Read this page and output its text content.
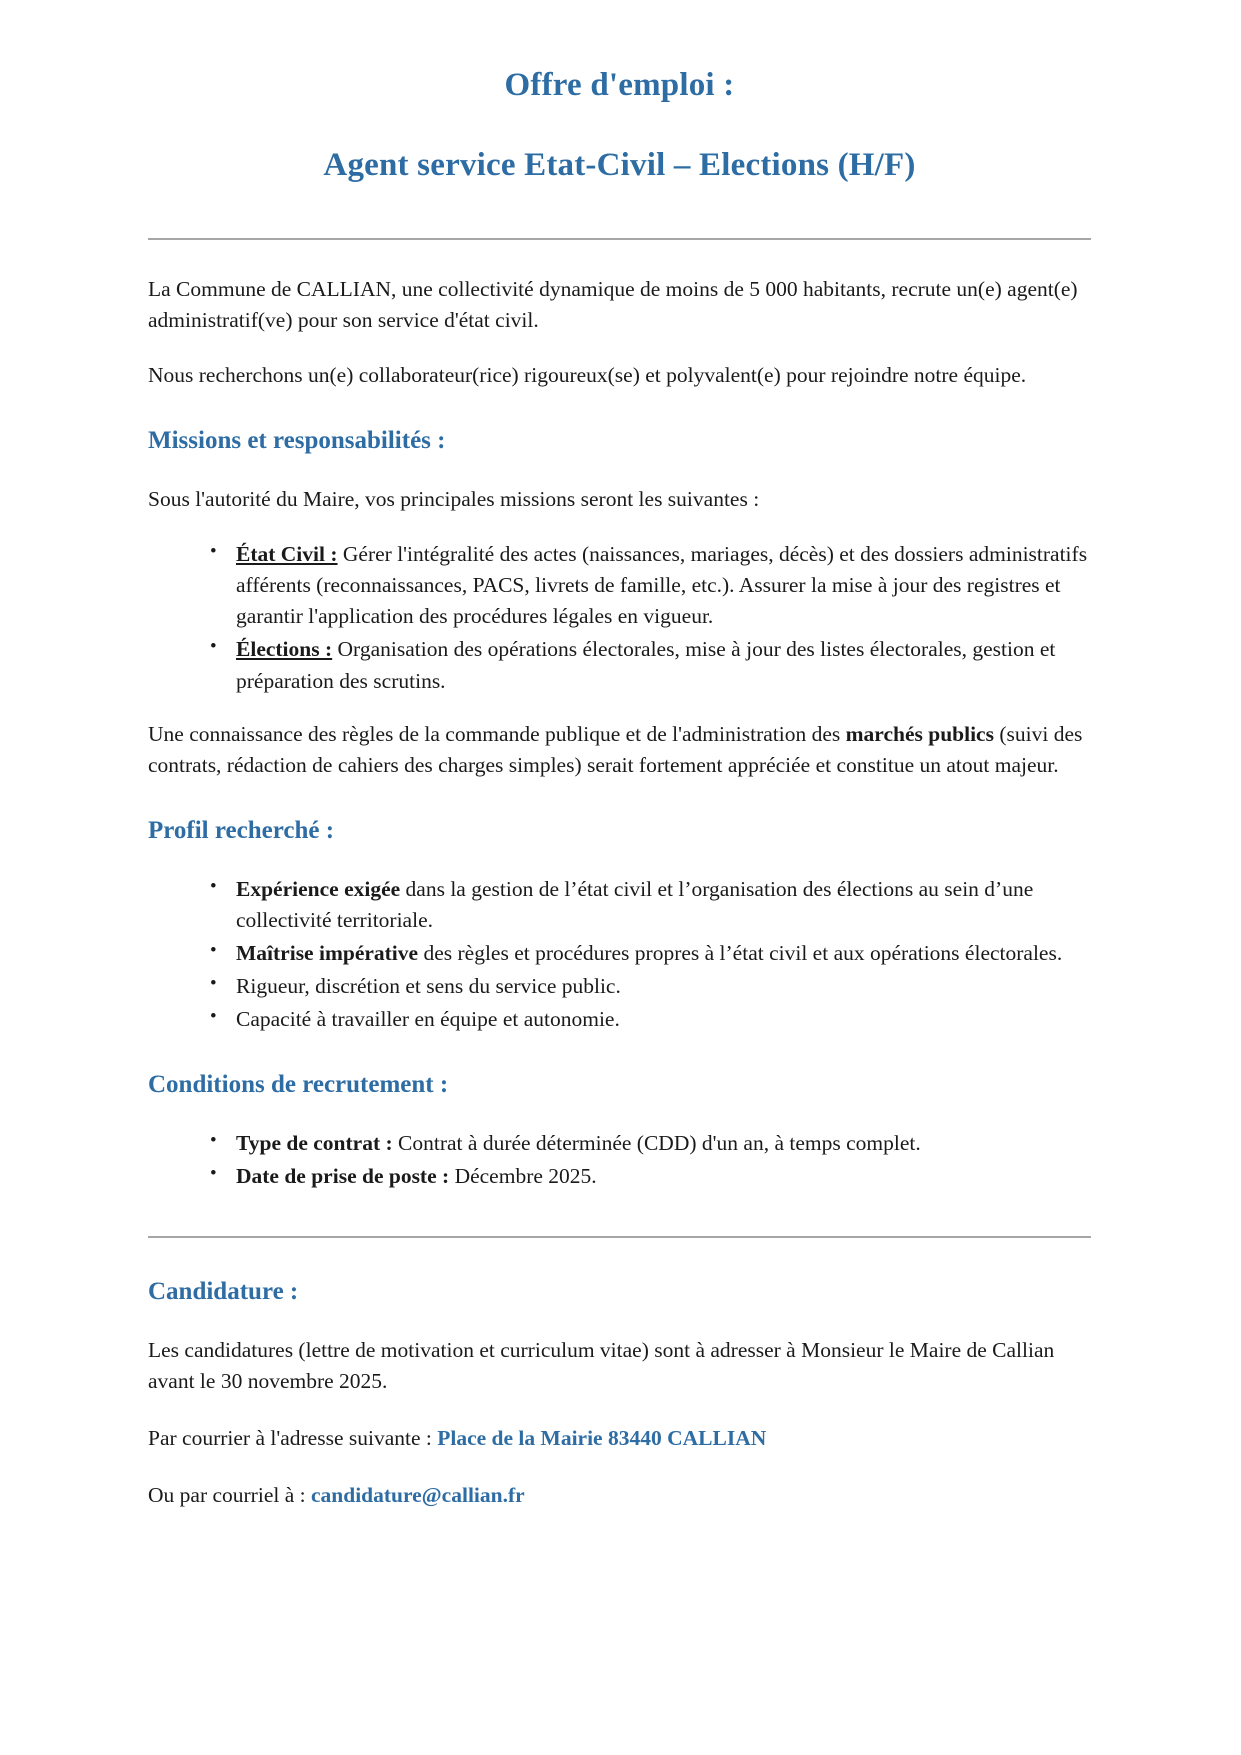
Offre d'emploi :
Agent service Etat-Civil – Elections (H/F)

La Commune de CALLIAN, une collectivité dynamique de moins de 5 000 habitants, recrute un(e) agent(e) administratif(ve) pour son service d'état civil.

Nous recherchons un(e) collaborateur(rice) rigoureux(se) et polyvalent(e) pour rejoindre notre équipe.

Missions et responsabilités :

Sous l'autorité du Maire, vos principales missions seront les suivantes :

• État Civil : Gérer l'intégralité des actes (naissances, mariages, décès) et des dossiers administratifs afférents (reconnaissances, PACS, livrets de famille, etc.). Assurer la mise à jour des registres et garantir l'application des procédures légales en vigueur.
• Élections : Organisation des opérations électorales, mise à jour des listes électorales, gestion et préparation des scrutins.

Une connaissance des règles de la commande publique et de l'administration des marchés publics (suivi des contrats, rédaction de cahiers des charges simples) serait fortement appréciée et constitue un atout majeur.

Profil recherché :
• Expérience exigée dans la gestion de l’état civil et l’organisation des élections au sein d’une collectivité territoriale.
• Maîtrise impérative des règles et procédures propres à l’état civil et aux opérations électorales.
• Rigueur, discrétion et sens du service public.
• Capacité à travailler en équipe et autonomie.
Conditions de recrutement :
• Type de contrat : Contrat à durée déterminée (CDD) d'un an, à temps complet.
• Date de prise de poste : Décembre 2025.
Candidature :

Les candidatures (lettre de motivation et curriculum vitae) sont à adresser à Monsieur le Maire de Callian avant le 30 novembre 2025.

Par courrier à l'adresse suivante : Place de la Mairie 83440 CALLIAN

Ou par courriel à : candidature@callian.fr
